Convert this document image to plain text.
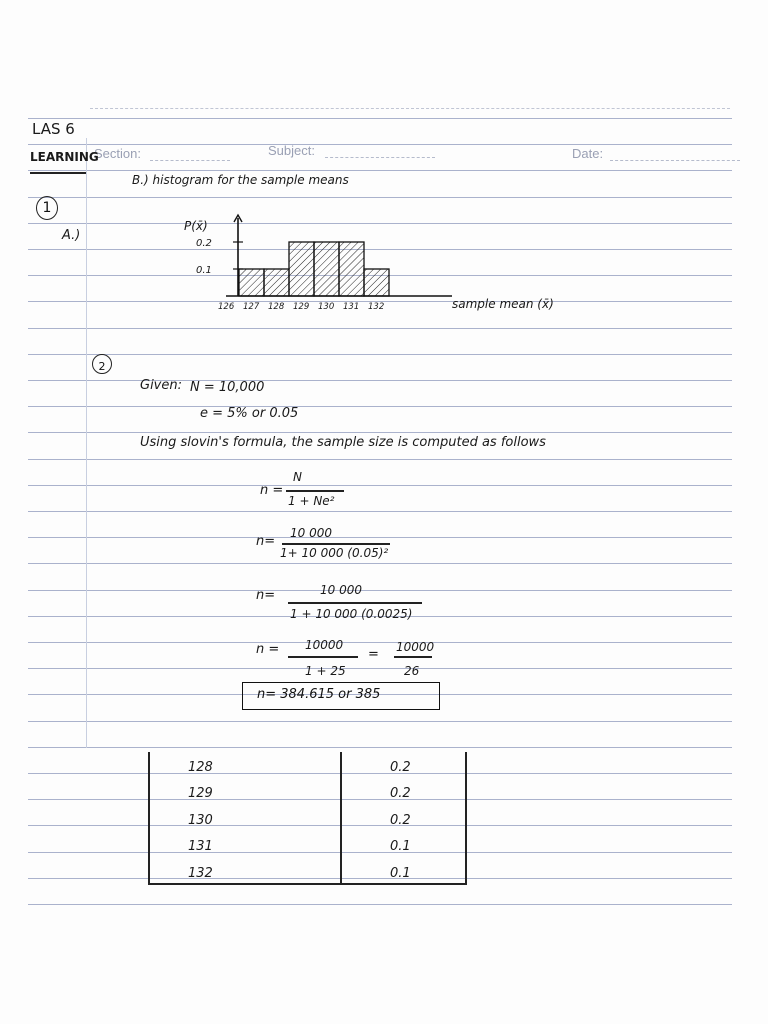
Section:	Subject:	Date:
LAS 6
LEARNING
1
A.)
B.) histogram for the sample means
126 127 128 129 130 131 132
0.1
0.2
P(x̄)
sample mean (x̄)
2
Given: N = 10,000
e = 5% or 0.05
Using slovin's formula, the sample size is computed as follows
n =
N
1 + Ne²
n=
10 000
1+ 10 000 (0.05)²
n=	10 000
1 + 10 000 (0.0025)
n = 10000
1 + 25
= 10000
26
n= 384.615 or 385
128	0.2
129	0.2
130	0.2
131	0.1
132	0.1
